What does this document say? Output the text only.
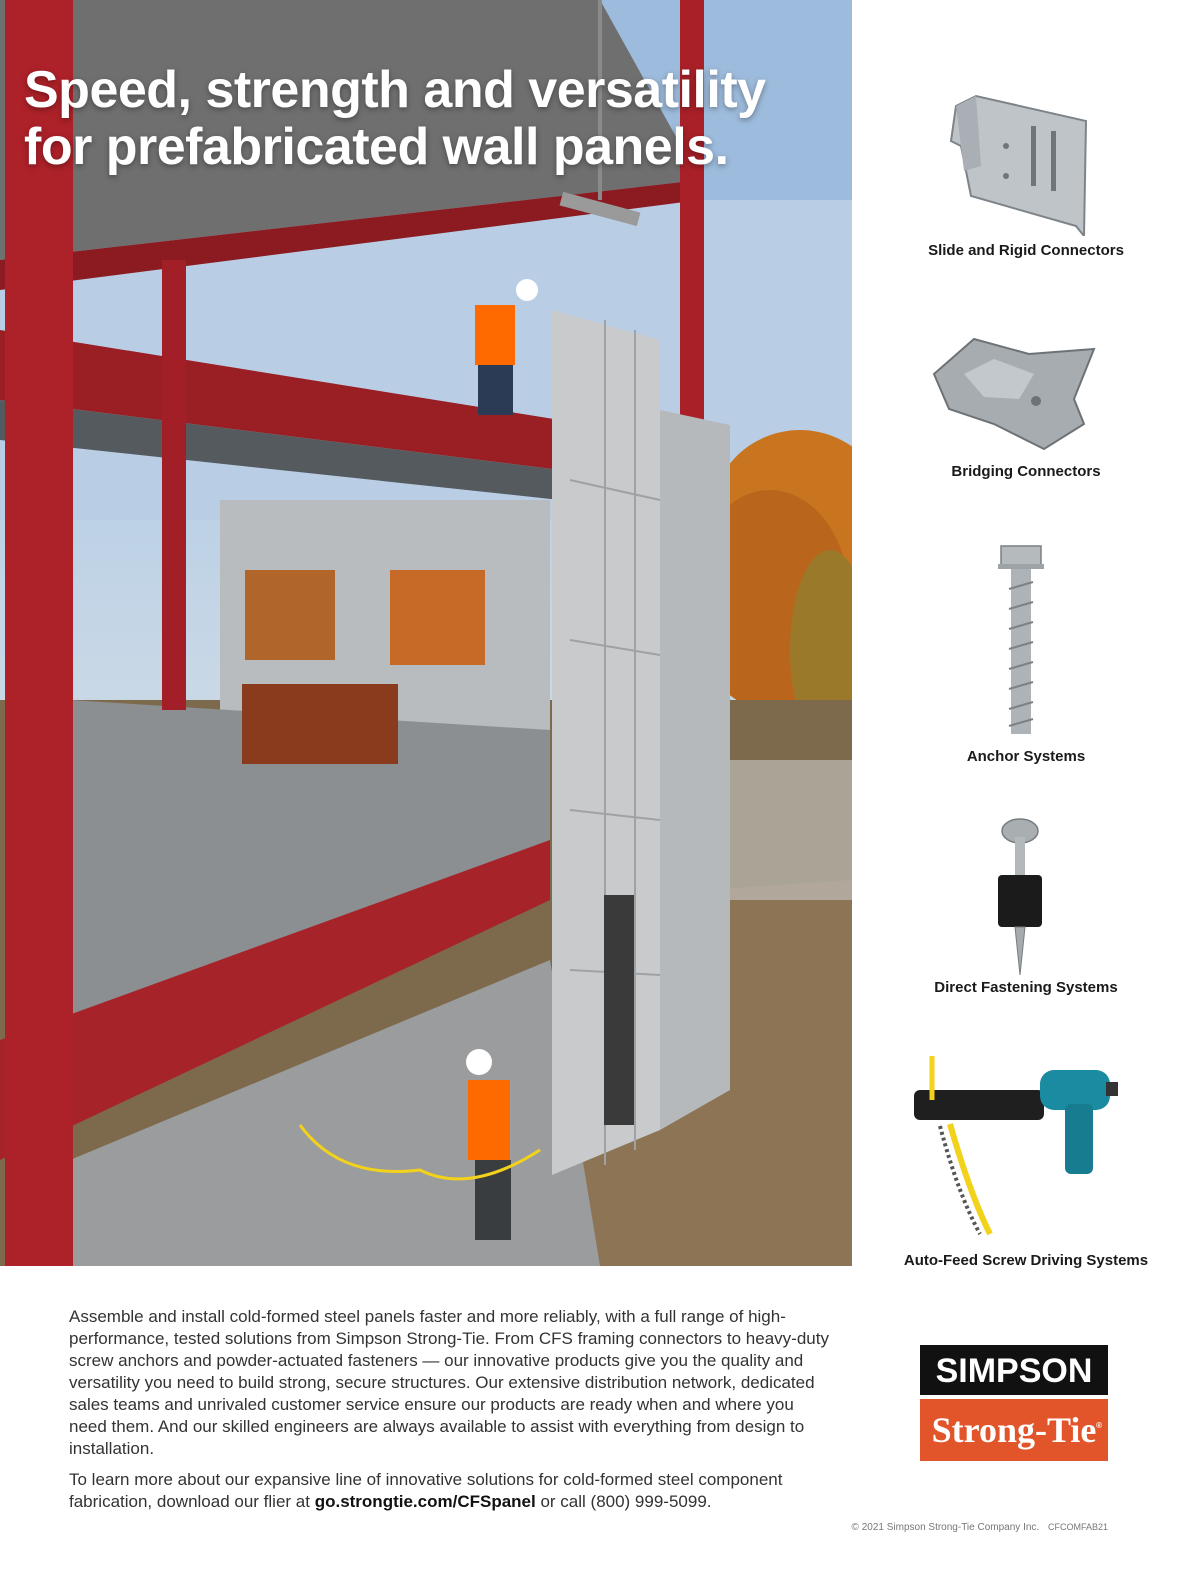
Speed, strength and versatility
for prefabricated wall panels.
Slide and Rigid Connectors
Bridging Connectors
Anchor Systems
Direct Fastening Systems
Auto-Feed Screw Driving Systems

Assemble and install cold-formed steel panels faster and more reliably, with a full range of high-performance, tested solutions from Simpson Strong-Tie. From CFS framing connectors to heavy-duty screw anchors and powder-actuated fasteners — our innovative products give you the quality and versatility you need to build strong, secure structures. Our extensive distribution network, dedicated sales teams and unrivaled customer service ensure our products are ready when and where you need them. And our skilled engineers are always available to assist with everything from design to installation.

To learn more about our expansive line of innovative solutions for cold-formed steel component fabrication, download our flier at go.strongtie.com/CFSpanel or call (800) 999-5099.

SIMPSON
Strong-Tie ®
© 2021 Simpson Strong-Tie Company Inc. CFCOMFAB21
